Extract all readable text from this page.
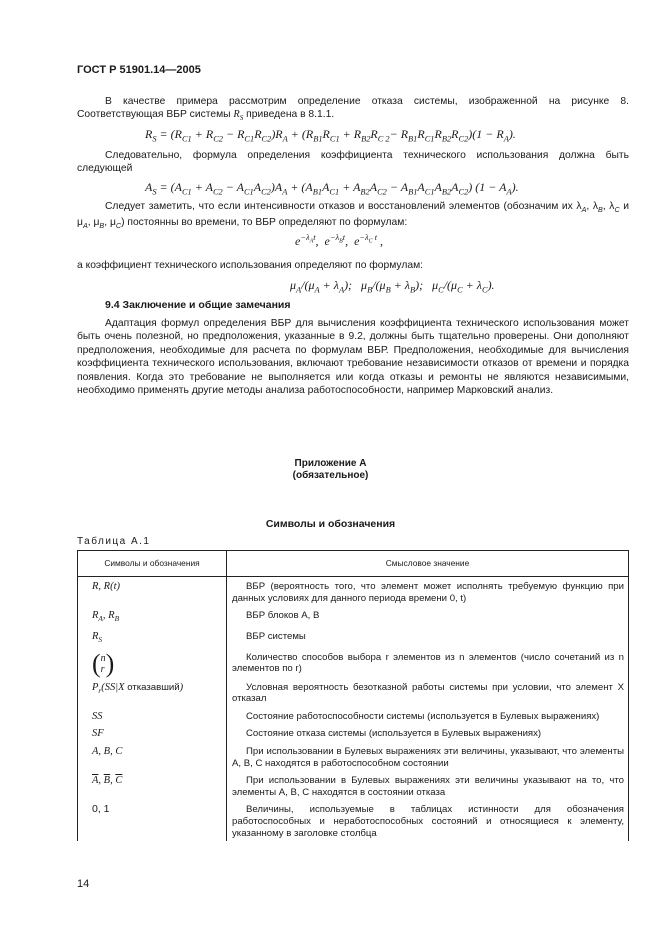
ГОСТ Р 51901.14—2005
В качестве примера рассмотрим определение отказа системы, изображенной на рисунке 8. Соответствующая ВБР системы $R_S$ приведена в 8.1.1.
$R_S = (R_{C1} + R_{C2} - R_{C1}R_{C2})R_A + (R_{B1}R_{C1} + R_{B2}R_{C 2}- R_{B1}R_{C1}R_{B2}R_{C2})(1 - R_A)$.
Следовательно, формула определения коэффициента технического использования должна быть следующей
$A_S = (A_{C1} + A_{C2} - A_{C1}A_{C2})A_A + (A_{B1}A_{C1} + A_{B2}A_{C2} - A_{B1}A_{C1}A_{B2}A_{C2}) (1 - A_A)$.
Следует заметить, что если интенсивности отказов и восстановлений элементов (обозначим их $\lambda_A$, $\lambda_B$, $\lambda_C$ и $\mu_A$, $\mu_B$, $\mu_C$) постоянны во времени, то ВБР определяют по формулам:
$e^{-\lambda_At}$,  $e^{-\lambda_Bt}$,  $e^{-\lambda_C t}$ ,
а коэффициент технического использования определяют по формулам:
$\mu_A/(\mu_A + \lambda_A)$;   $\mu_B/(\mu_B + \lambda_B)$;   $\mu_C/(\mu_C + \lambda_C)$.
9.4 Заключение и общие замечания
Адаптация формул определения ВБР для вычисления коэффициента технического использования может быть очень полезной, но предположения, указанные в 9.2, должны быть тщательно проверены. Они дополняют предположения, необходимые для расчета по формулам ВБР. Предположения, необходимые для вычисления коэффициента технического использования, включают требование независимости отказов от времени и порядка появления. Когда это требование не выполняется или когда отказы и ремонты не являются независимыми, необходимо применять другие методы анализа работоспособности, например Марковский анализ.
Приложение А
(обязательное)
Символы и обозначения
Таблица А.1
Символы и обозначения	Смысловое значение
R, R(t)	ВБР (вероятность того, что элемент может исполнять требуемую функцию при данных условиях для данного периода времени 0, t)
$R_A$, $R_B$	ВБР блоков A, B
$R_S$	ВБР системы

( n
r )	Количество способов выбора r элементов из n элементов (число сочетаний из n элементов по r)
$P_r(SS|X$ отказавший)	Условная вероятность безотказной работы системы при условии, что элемент X отказал
SS	Состояние работоспособности системы (используется в Булевых выражениях)
SF	Состояние отказа системы (используется в Булевых выражениях)
A, B, C	При использовании в Булевых выражениях эти величины, указывают, что элементы A, B, C находятся в работоспособном состоянии
$\overline{A}$, $\overline{B}$, $\overline{C}$	При использовании в Булевых выражениях эти величины указывают на то, что элементы A, B, C находятся в состоянии отказа
0, 1	Величины, используемые в таблицах истинности для обозначения работоспособных и неработоспособных состояний и относящиеся к элементу, указанному в заголовке столбца
14
